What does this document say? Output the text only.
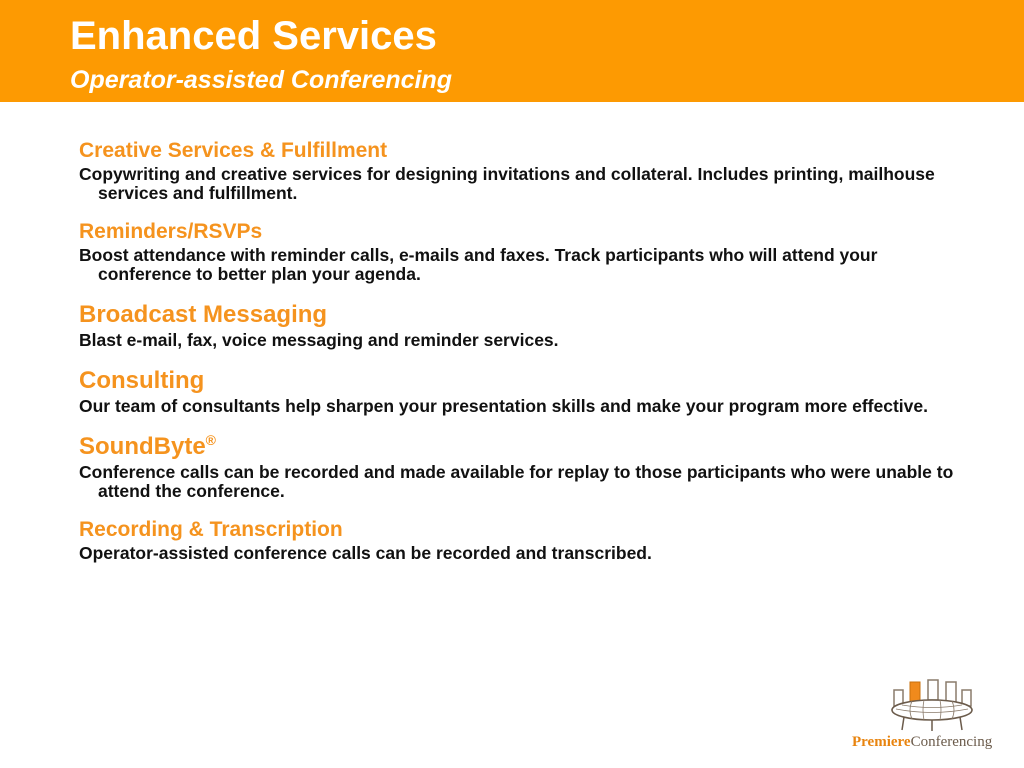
Enhanced Services
Operator-assisted Conferencing
Creative Services & Fulfillment
Copywriting and creative services for designing invitations and collateral. Includes printing, mailhouse services and fulfillment.
Reminders/RSVPs
Boost attendance with reminder calls, e-mails and faxes. Track participants who will attend your conference to better plan your agenda.
Broadcast Messaging
Blast e-mail, fax, voice messaging and reminder services.
Consulting
Our team of consultants help sharpen your presentation skills and make your program more effective.
SoundByte®
Conference calls can be recorded and made available for replay to those participants who were unable to attend the conference.
Recording & Transcription
Operator-assisted conference calls can be recorded and transcribed.
PremiereConferencing
